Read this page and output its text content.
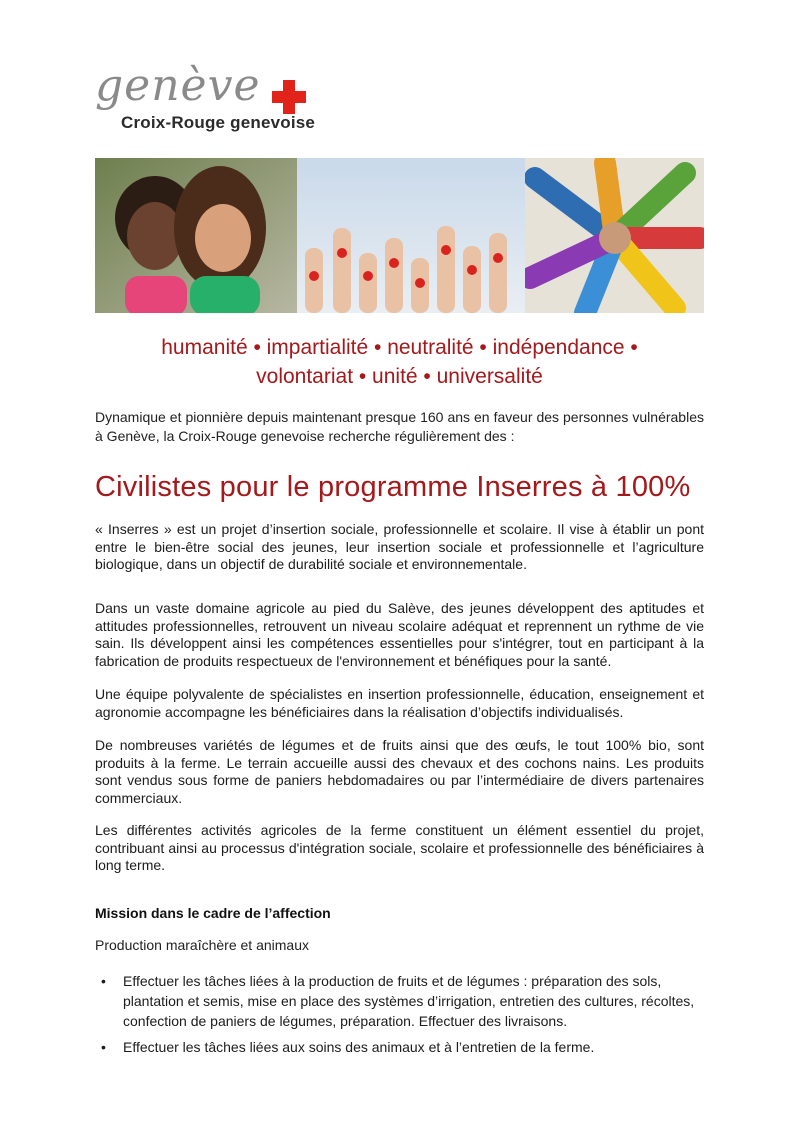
genève
Croix-Rouge genevoise
humanité • impartialité • neutralité • indépendance •
volontariat • unité • universalité
Dynamique et pionnière depuis maintenant presque 160 ans en faveur des personnes vulnérables à Genève, la Croix-Rouge genevoise recherche régulièrement des :
Civilistes pour le programme Inserres à 100%

« Inserres » est un projet d’insertion sociale, professionnelle et scolaire. Il vise à établir un pont entre le bien-être social des jeunes, leur insertion sociale et professionnelle et l’agriculture biologique, dans un objectif de durabilité sociale et environnementale.

Dans un vaste domaine agricole au pied du Salève, des jeunes développent des aptitudes et attitudes professionnelles, retrouvent un niveau scolaire adéquat et reprennent un rythme de vie sain. Ils développent ainsi les compétences essentielles pour s'intégrer, tout en participant à la fabrication de produits respectueux de l'environnement et bénéfiques pour la santé.

Une équipe polyvalente de spécialistes en insertion professionnelle, éducation, enseignement et agronomie accompagne les bénéficiaires dans la réalisation d’objectifs individualisés.

De nombreuses variétés de légumes et de fruits ainsi que des œufs, le tout 100% bio, sont produits à la ferme. Le terrain accueille aussi des chevaux et des cochons nains. Les produits sont vendus sous forme de paniers hebdomadaires ou par l’intermédiaire de divers partenaires commerciaux.

Les différentes activités agricoles de la ferme constituent un élément essentiel du projet, contribuant ainsi au processus d'intégration sociale, scolaire et professionnelle des bénéficiaires à long terme.

Mission dans le cadre de l’affection
Production maraîchère et animaux
• Effectuer les tâches liées à la production de fruits et de légumes : préparation des sols, plantation et semis, mise en place des systèmes d’irrigation, entretien des cultures, récoltes, confection de paniers de légumes, préparation. Effectuer des livraisons.
• Effectuer les tâches liées aux soins des animaux et à l’entretien de la ferme.
